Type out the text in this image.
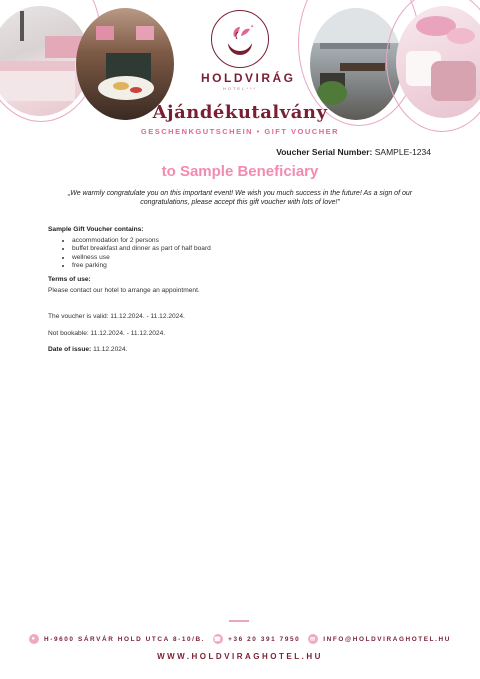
✦
HOLDVIRÁG
HOTEL***
Ajándékutalvány
GESCHENKGUTSCHEIN • GIFT VOUCHER
Voucher Serial Number: SAMPLE-1234
to Sample Beneficiary
„We warmly congratulate you on this important event! We wish you much success in the future! As a sign of our congratulations, please accept this gift voucher with lots of love!”
Sample Gift Voucher contains:
• accommodation for 2 persons
• buffet breakfast and dinner as part of half board
• wellness use
• free parking
Terms of use:
Please contact our hotel to arrange an appointment.
The voucher is valid: 11.12.2024. - 11.12.2024.
Not bookable: 11.12.2024. - 11.12.2024.
Date of issue: 11.12.2024.
●	H-9600 SÁRVÁR HOLD UTCA 8-10/B. ☎ +36 20 391 7950 ✉ INFO@HOLDVIRAGHOTEL.HU
WWW.HOLDVIRAGHOTEL.HU
